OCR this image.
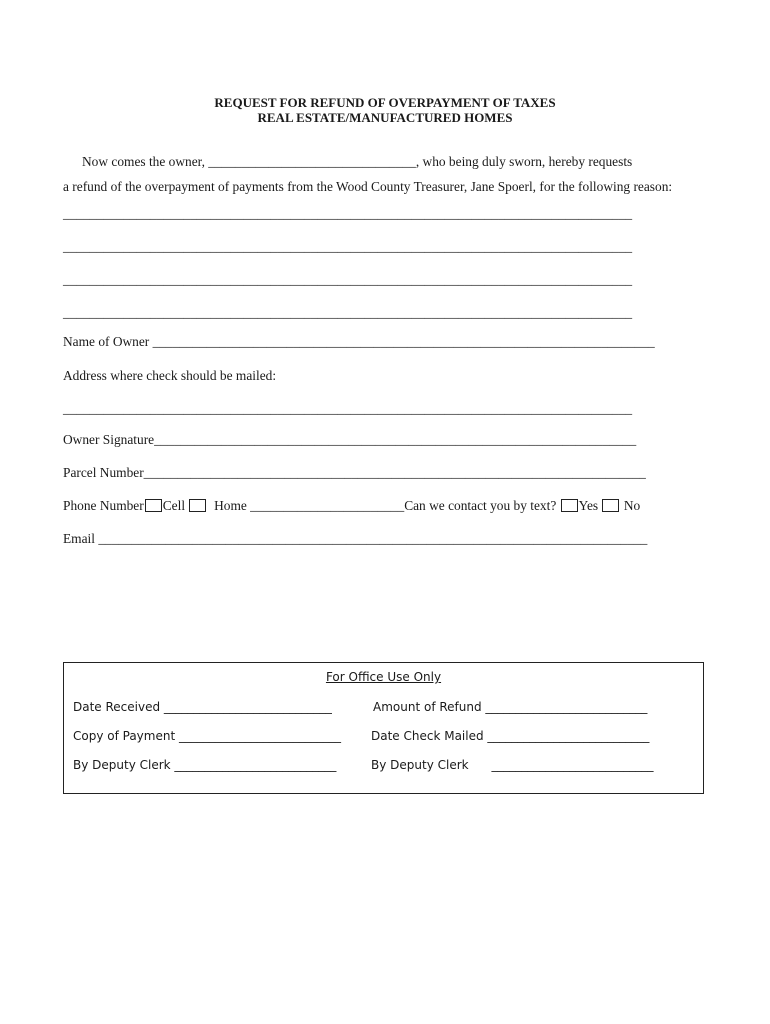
REQUEST FOR REFUND OF OVERPAYMENT OF TAXES
REAL ESTATE/MANUFACTURED HOMES
Now comes the owner, _______________________________, who being duly sworn, hereby requests
a refund of the overpayment of payments from the Wood County Treasurer, Jane Spoerl, for the following reason:
_____________________________________________________________________________________
_____________________________________________________________________________________
_____________________________________________________________________________________
_____________________________________________________________________________________
Name of Owner ___________________________________________________________________________
Address where check should be mailed:
_____________________________________________________________________________________
Owner Signature________________________________________________________________________
Parcel Number___________________________________________________________________________
Phone Number Cell Home _______________________Can we contact you by text? Yes No
Email __________________________________________________________________________________
For Office Use Only
Date Received ____________________________	Amount of Refund ___________________________
Copy of Payment ___________________________	Date Check Mailed ___________________________
By Deputy Clerk ___________________________	By Deputy Clerk      ___________________________
